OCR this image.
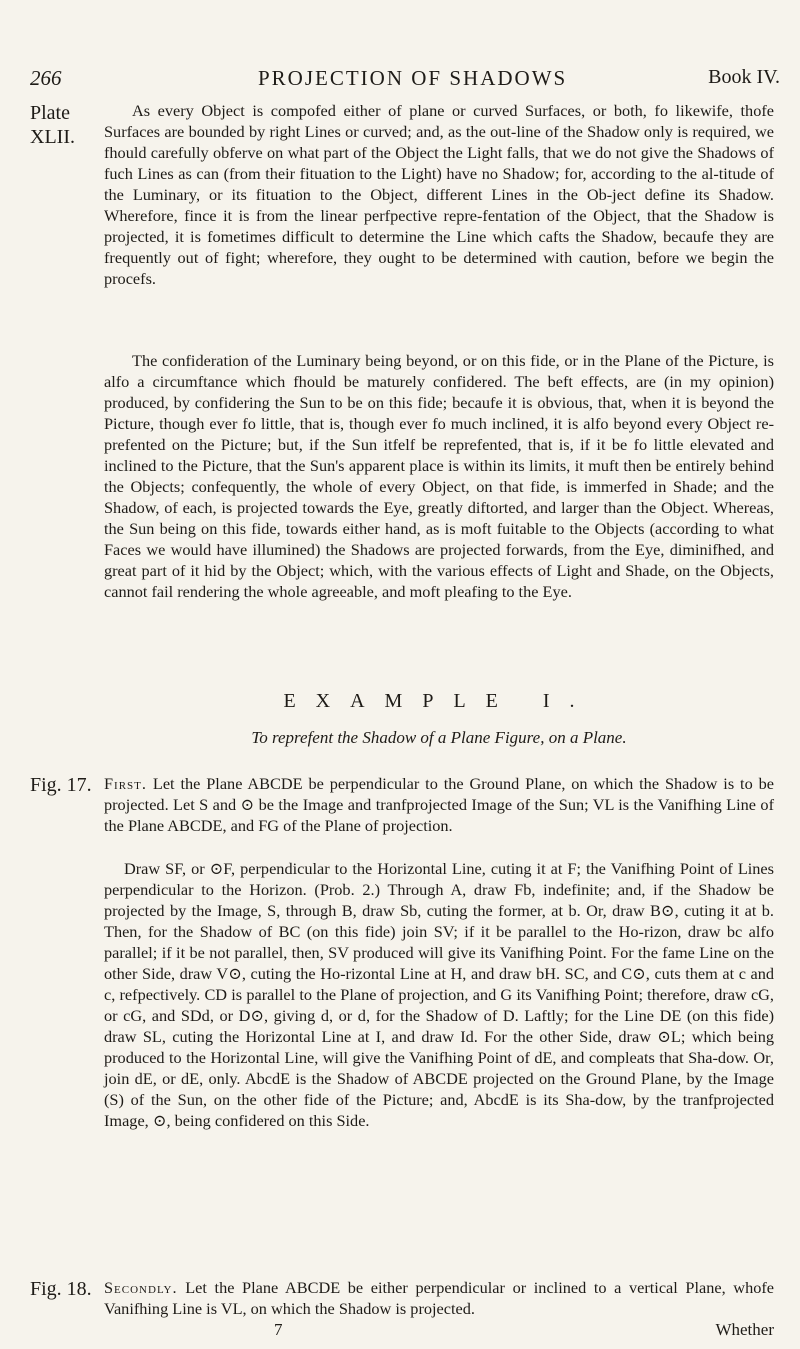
266	PROJECTION OF SHADOWS	Book IV.
Plate XLII.
Fig. 17.
Fig. 18.
As every Object is compofed either of plane or curved Surfaces, or both, fo likewife, thofe Surfaces are bounded by right Lines or curved; and, as the out-line of the Shadow only is required, we fhould carefully obferve on what part of the Object the Light falls, that we do not give the Shadows of fuch Lines as can (from their fituation to the Light) have no Shadow; for, according to the al-titude of the Luminary, or its fituation to the Object, different Lines in the Ob-ject define its Shadow. Wherefore, fince it is from the linear perfpective repre-fentation of the Object, that the Shadow is projected, it is fometimes difficult to determine the Line which cafts the Shadow, becaufe they are frequently out of fight; wherefore, they ought to be determined with caution, before we begin the procefs.
The confideration of the Luminary being beyond, or on this fide, or in the Plane of the Picture, is alfo a circumftance which fhould be maturely confidered. The beft effects, are (in my opinion) produced, by confidering the Sun to be on this fide; becaufe it is obvious, that, when it is beyond the Picture, though ever fo little, that is, though ever fo much inclined, it is alfo beyond every Object re-prefented on the Picture; but, if the Sun itfelf be reprefented, that is, if it be fo little elevated and inclined to the Picture, that the Sun's apparent place is within its limits, it muft then be entirely behind the Objects; confequently, the whole of every Object, on that fide, is immerfed in Shade; and the Shadow, of each, is projected towards the Eye, greatly diftorted, and larger than the Object. Whereas, the Sun being on this fide, towards either hand, as is moft fuitable to the Objects (according to what Faces we would have illumined) the Shadows are projected forwards, from the Eye, diminifhed, and great part of it hid by the Object; which, with the various effects of Light and Shade, on the Objects, cannot fail rendering the whole agreeable, and moft pleafing to the Eye.
EXAMPLE I.
To reprefent the Shadow of a Plane Figure, on a Plane.
First. Let the Plane ABCDE be perpendicular to the Ground Plane, on which the Shadow is to be projected. Let S and ⊙ be the Image and tranfprojected Image of the Sun; VL is the Vanifhing Line of the Plane ABCDE, and FG of the Plane of projection.
Draw SF, or ⊙F, perpendicular to the Horizontal Line, cuting it at F; the Vanifhing Point of Lines perpendicular to the Horizon. (Prob. 2.) Through A, draw Fb, indefinite; and, if the Shadow be projected by the Image, S, through B, draw Sb, cuting the former, at b. Or, draw B⊙, cuting it at b. Then, for the Shadow of BC (on this fide) join SV; if it be parallel to the Ho-rizon, draw bc alfo parallel; if it be not parallel, then, SV produced will give its Vanifhing Point. For the fame Line on the other Side, draw V⊙, cuting the Ho-rizontal Line at H, and draw bH. SC, and C⊙, cuts them at c and c, refpectively. CD is parallel to the Plane of projection, and G its Vanifhing Point; therefore, draw cG, or cG, and SDd, or D⊙, giving d, or d, for the Shadow of D. Laftly; for the Line DE (on this fide) draw SL, cuting the Horizontal Line at I, and draw Id. For the other Side, draw ⊙L; which being produced to the Horizontal Line, will give the Vanifhing Point of dE, and compleats that Sha-dow. Or, join dE, or dE, only. AbcdE is the Shadow of ABCDE projected on the Ground Plane, by the Image (S) of the Sun, on the other fide of the Picture; and, AbcdE is its Sha-dow, by the tranfprojected Image, ⊙, being confidered on this Side.
Secondly. Let the Plane ABCDE be either perpendicular or inclined to a vertical Plane, whofe Vanifhing Line is VL, on which the Shadow is projected.
7	Whether
